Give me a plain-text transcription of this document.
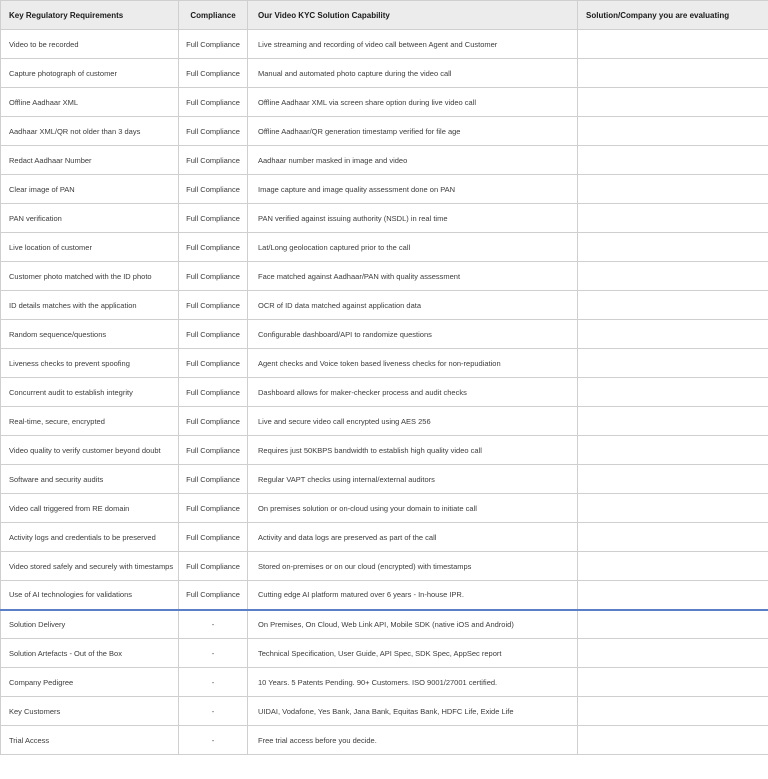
Key Regulatory Requirements	Compliance	Our Video KYC Solution Capability	Solution/Company you are evaluating
Video to be recorded	Full Compliance	Live streaming and recording of video call between Agent and Customer	
Capture photograph of customer	Full Compliance	Manual and automated photo capture during the video call	
Offline Aadhaar XML	Full Compliance	Offline Aadhaar XML via screen share option during live video call	
Aadhaar XML/QR not older than 3 days	Full Compliance	Offline Aadhaar/QR generation timestamp verified for file age	
Redact Aadhaar Number	Full Compliance	Aadhaar number masked in image and video	
Clear image of PAN	Full Compliance	Image capture and image quality assessment done on PAN	
PAN verification	Full Compliance	PAN verified against issuing authority (NSDL) in real time	
Live location of customer	Full Compliance	Lat/Long geolocation captured prior to the call	
Customer photo matched with the ID photo	Full Compliance	Face matched against Aadhaar/PAN with quality assessment	
ID details matches with the application	Full Compliance	OCR of ID data matched against application data	
Random sequence/questions	Full Compliance	Configurable dashboard/API to randomize questions	
Liveness checks to prevent spoofing	Full Compliance	Agent checks and Voice token based liveness checks for non-repudiation	
Concurrent audit to establish integrity	Full Compliance	Dashboard allows for maker-checker process and audit checks	
Real-time, secure, encrypted	Full Compliance	Live and secure video call encrypted using AES 256	
Video quality to verify customer beyond doubt	Full Compliance	Requires just 50KBPS bandwidth to establish high quality video call	
Software and security audits	Full Compliance	Regular VAPT checks using internal/external auditors	
Video call triggered from RE domain	Full Compliance	On premises solution or on-cloud using your domain to initiate call	
Activity logs and credentials to be preserved	Full Compliance	Activity and data logs are preserved as part of the call	
Video stored safely and securely with timestamps	Full Compliance	Stored on-premises or on our cloud (encrypted) with timestamps	
Use of AI technologies for validations	Full Compliance	Cutting edge AI platform matured over 6 years - In-house IPR.	
Solution Delivery	-	On Premises, On Cloud, Web Link API, Mobile SDK (native iOS and Android)	
Solution Artefacts - Out of the Box	-	Technical Specification, User Guide, API Spec, SDK Spec, AppSec report	
Company Pedigree	-	10 Years. 5 Patents Pending. 90+ Customers. ISO 9001/27001 certified.	
Key Customers	-	UIDAI, Vodafone, Yes Bank, Jana Bank, Equitas Bank, HDFC Life, Exide Life	
Trial Access	-	Free trial access before you decide.	
